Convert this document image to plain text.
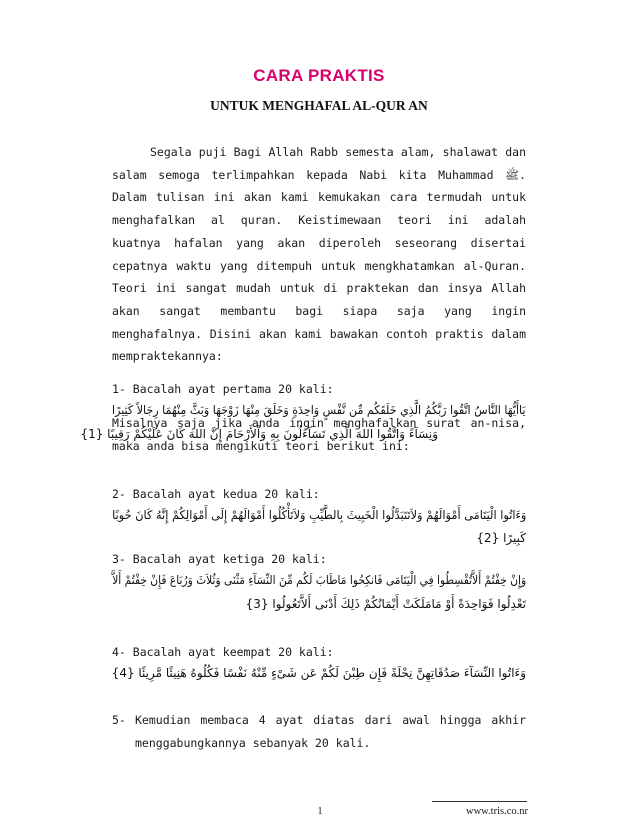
CARA PRAKTIS
UNTUK MENGHAFAL AL-QUR AN
Segala puji Bagi Allah Rabb semesta alam, shalawat dan salam semoga terlimpahkan kepada Nabi kita Muhammad ﷺ. Dalam tulisan ini akan kami kemukakan cara termudah untuk menghafalkan al quran. Keistimewaan teori ini adalah kuatnya hafalan yang akan diperoleh seseorang disertai cepatnya waktu yang ditempuh untuk mengkhatamkan al-Quran. Teori ini sangat mudah untuk di praktekan dan insya Allah akan sangat membantu bagi siapa saja yang ingin menghafalnya. Disini akan kami bawakan contoh praktis dalam mempraktekannya:
Misalnya saja jika anda ingin menghafalkan surat an-nisa, maka anda bisa mengikuti teori berikut ini:
1- Bacalah ayat pertama 20 kali:
يَاأَيُّهَا النَّاسُ اتَّقُوا رَبَّكُمُ الَّذِي خَلَقَكُم مِّن نَّفْسٍ وَاحِدَةٍ وَخَلَقَ مِنْهَا زَوْجَهَا وَبَثَّ مِنْهُمَا رِجَالاً كَثِيرًا
وَنِسَآءً وَاتَّقُوا اللهَ الَّذِي تَسَآءَلُونَ بِهِ وَاْلأَرْحَامَ إِنَّ اللهَ كَانَ عَلَيْكُمْ رَقِيبًا {1}
2- Bacalah ayat kedua 20 kali:
وَءَاتُوا الْيَتَامَى أَمْوَالَهُمْ وَلاَتَتَبَدَّلُوا الْخَبِيثَ بِالطَّيِّبِ وَلاَتَأْكُلُوا أَمْوَالَهُمْ إِلَى أَمْوَالِكُمْ إِنَّهُ كَانَ حُوبًا
كَبِيرًا {2}
3- Bacalah ayat ketiga 20 kali:
وَإِنْ خِفْتُمْ أَلاَّتُقْسِطُوا فِي الْيَتَامَى فَانكِحُوا مَاطَابَ لَكُم مِّنَ النِّسَآءِ مَثْنَى وَثُلاَثَ وَرُبَاعَ فَإِنْ خِفْتُمْ أَلاَّ
تَعْدِلُوا فَوَاحِدَةً أَوْ مَامَلَكَتْ أَيْمَانُكُمْ ذَلِكَ أَدْنَى أَلاَّتَعُولُوا {3}
4- Bacalah ayat keempat 20 kali:
وَءَاتُوا النِّسَآءَ صَدُقَاتِهِنَّ نِحْلَةً فَإِن طِبْنَ لَكُمْ عَن شَىْءٍ مِّنْهُ نَفْسًا فَكُلُوهُ هَنِيئًا مَّرِيئًا {4}
5- Kemudian membaca 4 ayat diatas dari awal hingga akhir menggabungkannya sebanyak 20 kali.
1	www.tris.co.nr
